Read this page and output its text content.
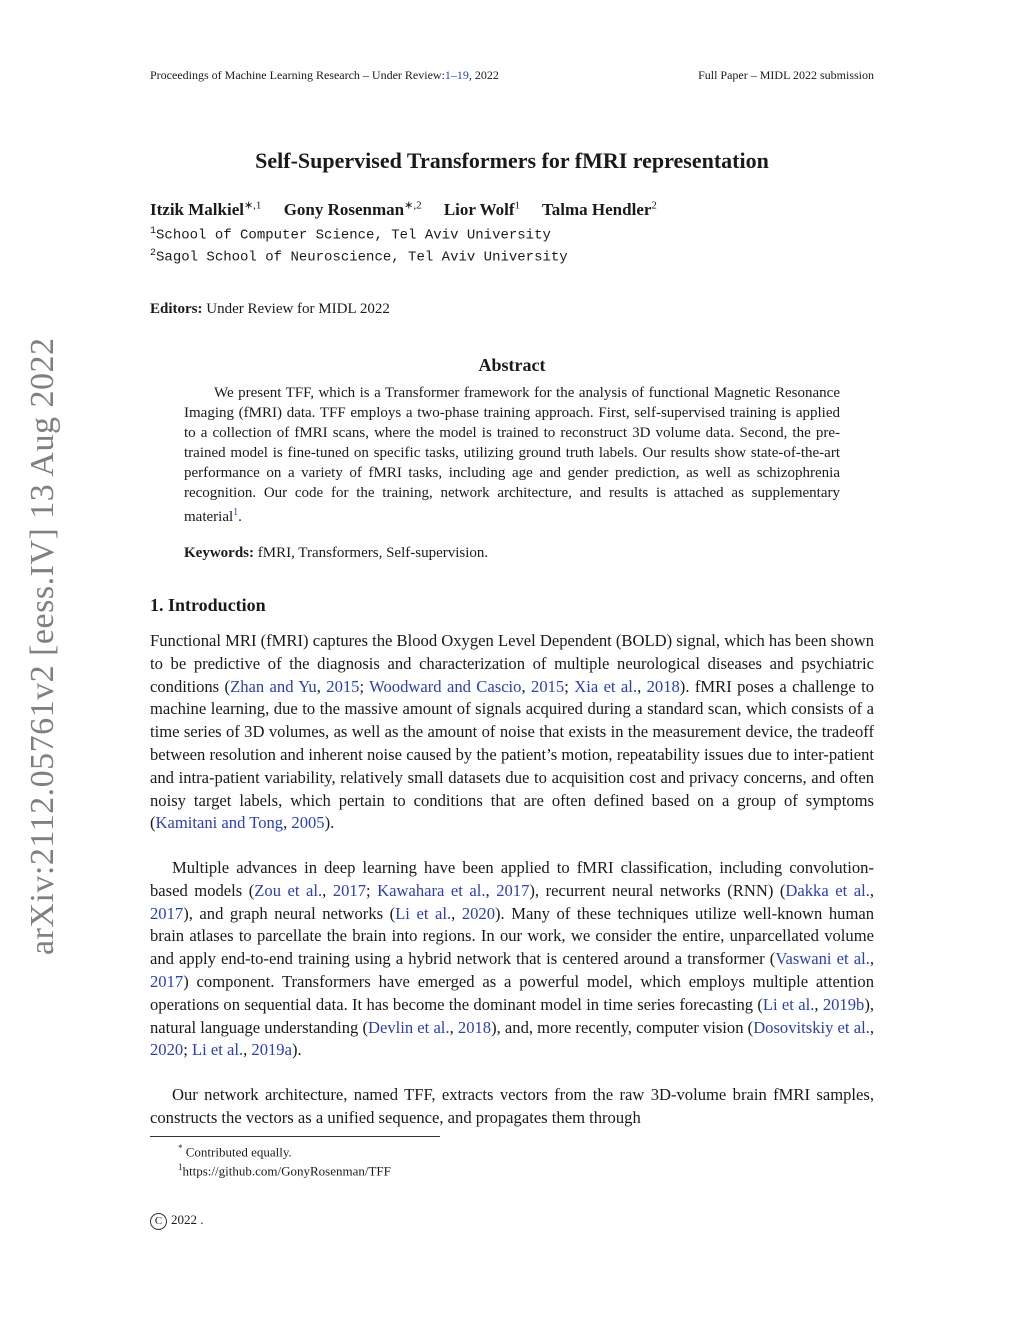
Proceedings of Machine Learning Research – Under Review:1–19, 2022	Full Paper – MIDL 2022 submission
arXiv:2112.05761v2 [eess.IV] 13 Aug 2022
Self-Supervised Transformers for fMRI representation
Itzik Malkiel$^{∗,1}$ Gony Rosenman$^{∗,2}$ Lior Wolf$^1$ Talma Hendler$^2$
$^1$School of Computer Science, Tel Aviv University
$^2$Sagol School of Neuroscience, Tel Aviv University
Editors: Under Review for MIDL 2022
Abstract
We present TFF, which is a Transformer framework for the analysis of functional Magnetic Resonance Imaging (fMRI) data. TFF employs a two-phase training approach. First, self-supervised training is applied to a collection of fMRI scans, where the model is trained to reconstruct 3D volume data. Second, the pre-trained model is fine-tuned on specific tasks, utilizing ground truth labels. Our results show state-of-the-art performance on a variety of fMRI tasks, including age and gender prediction, as well as schizophrenia recognition. Our code for the training, network architecture, and results is attached as supplementary material$^1$.
Keywords: fMRI, Transformers, Self-supervision.
1. Introduction
Functional MRI (fMRI) captures the Blood Oxygen Level Dependent (BOLD) signal, which has been shown to be predictive of the diagnosis and characterization of multiple neurological diseases and psychiatric conditions (Zhan and Yu, 2015; Woodward and Cascio, 2015; Xia et al., 2018). fMRI poses a challenge to machine learning, due to the massive amount of signals acquired during a standard scan, which consists of a time series of 3D volumes, as well as the amount of noise that exists in the measurement device, the tradeoff between resolution and inherent noise caused by the patient’s motion, repeatability issues due to inter-patient and intra-patient variability, relatively small datasets due to acquisition cost and privacy concerns, and often noisy target labels, which pertain to conditions that are often defined based on a group of symptoms (Kamitani and Tong, 2005).
Multiple advances in deep learning have been applied to fMRI classification, including convolution-based models (Zou et al., 2017; Kawahara et al., 2017), recurrent neural networks (RNN) (Dakka et al., 2017), and graph neural networks (Li et al., 2020). Many of these techniques utilize well-known human brain atlases to parcellate the brain into regions. In our work, we consider the entire, unparcellated volume and apply end-to-end training using a hybrid network that is centered around a transformer (Vaswani et al., 2017) component. Transformers have emerged as a powerful model, which employs multiple attention operations on sequential data. It has become the dominant model in time series forecasting (Li et al., 2019b), natural language understanding (Devlin et al., 2018), and, more recently, computer vision (Dosovitskiy et al., 2020; Li et al., 2019a).
Our network architecture, named TFF, extracts vectors from the raw 3D-volume brain fMRI samples, constructs the vectors as a unified sequence, and propagates them through
* Contributed equally.
$^1$https://github.com/GonyRosenman/TFF
C 2022 .
